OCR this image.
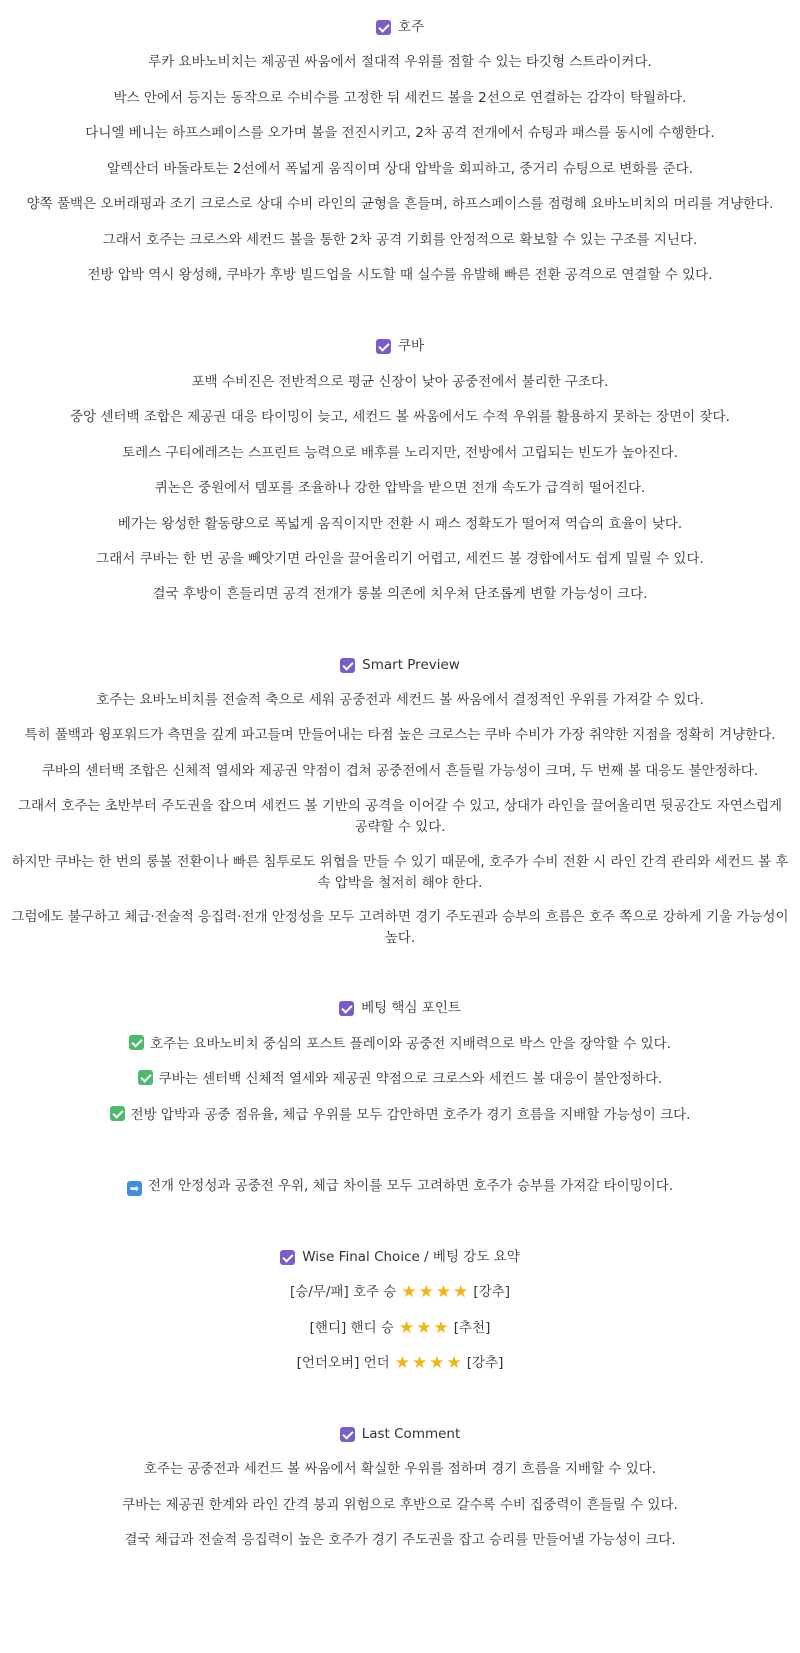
호주
루카 요바노비치는 제공권 싸움에서 절대적 우위를 점할 수 있는 타깃형 스트라이커다.
박스 안에서 등지는 동작으로 수비수를 고정한 뒤 세컨드 볼을 2선으로 연결하는 감각이 탁월하다.
다니엘 베니는 하프스페이스를 오가며 볼을 전진시키고, 2차 공격 전개에서 슈팅과 패스를 동시에 수행한다.
알렉산더 바돌라토는 2선에서 폭넓게 움직이며 상대 압박을 회피하고, 중거리 슈팅으로 변화를 준다.
양쪽 풀백은 오버래핑과 조기 크로스로 상대 수비 라인의 균형을 흔들며, 하프스페이스를 점령해 요바노비치의 머리를 겨냥한다.
그래서 호주는 크로스와 세컨드 볼을 통한 2차 공격 기회를 안정적으로 확보할 수 있는 구조를 지닌다.
전방 압박 역시 왕성해, 쿠바가 후방 빌드업을 시도할 때 실수를 유발해 빠른 전환 공격으로 연결할 수 있다.
쿠바
포백 수비진은 전반적으로 평균 신장이 낮아 공중전에서 불리한 구조다.
중앙 센터백 조합은 제공권 대응 타이밍이 늦고, 세컨드 볼 싸움에서도 수적 우위를 활용하지 못하는 장면이 잦다.
토레스 구티에레즈는 스프린트 능력으로 배후를 노리지만, 전방에서 고립되는 빈도가 높아진다.
퀴논은 중원에서 템포를 조율하나 강한 압박을 받으면 전개 속도가 급격히 떨어진다.
베가는 왕성한 활동량으로 폭넓게 움직이지만 전환 시 패스 정확도가 떨어져 역습의 효율이 낮다.
그래서 쿠바는 한 번 공을 빼앗기면 라인을 끌어올리기 어렵고, 세컨드 볼 경합에서도 쉽게 밀릴 수 있다.
결국 후방이 흔들리면 공격 전개가 롱볼 의존에 치우쳐 단조롭게 변할 가능성이 크다.
Smart Preview
호주는 요바노비치를 전술적 축으로 세워 공중전과 세컨드 볼 싸움에서 결정적인 우위를 가져갈 수 있다.
특히 풀백과 윙포워드가 측면을 깊게 파고들며 만들어내는 타점 높은 크로스는 쿠바 수비가 가장 취약한 지점을 정확히 겨냥한다.
쿠바의 센터백 조합은 신체적 열세와 제공권 약점이 겹쳐 공중전에서 흔들릴 가능성이 크며, 두 번째 볼 대응도 불안정하다.
그래서 호주는 초반부터 주도권을 잡으며 세컨드 볼 기반의 공격을 이어갈 수 있고, 상대가 라인을 끌어올리면 뒷공간도 자연스럽게 공략할 수 있다.
하지만 쿠바는 한 번의 롱볼 전환이나 빠른 침투로도 위협을 만들 수 있기 때문에, 호주가 수비 전환 시 라인 간격 관리와 세컨드 볼 후속 압박을 철저히 해야 한다.
그럼에도 불구하고 체급·전술적 응집력·전개 안정성을 모두 고려하면 경기 주도권과 승부의 흐름은 호주 쪽으로 강하게 기울 가능성이 높다.
베팅 핵심 포인트
호주는 요바노비치 중심의 포스트 플레이와 공중전 지배력으로 박스 안을 장악할 수 있다.
쿠바는 센터백 신체적 열세와 제공권 약점으로 크로스와 세컨드 볼 대응이 불안정하다.
전방 압박과 공중 점유율, 체급 우위를 모두 감안하면 호주가 경기 흐름을 지배할 가능성이 크다.
➡ 전개 안정성과 공중전 우위, 체급 차이를 모두 고려하면 호주가 승부를 가져갈 타이밍이다.
Wise Final Choice / 베팅 강도 요약
[승/무/패] 호주 승 ★ ★ ★ ★ [강추]
[핸디] 핸디 승 ★ ★ ★ [추천]
[언더오버] 언더 ★ ★ ★ ★ [강추]
Last Comment
호주는 공중전과 세컨드 볼 싸움에서 확실한 우위를 점하며 경기 흐름을 지배할 수 있다.
쿠바는 제공권 한계와 라인 간격 붕괴 위험으로 후반으로 갈수록 수비 집중력이 흔들릴 수 있다.
결국 체급과 전술적 응집력이 높은 호주가 경기 주도권을 잡고 승리를 만들어낼 가능성이 크다.
